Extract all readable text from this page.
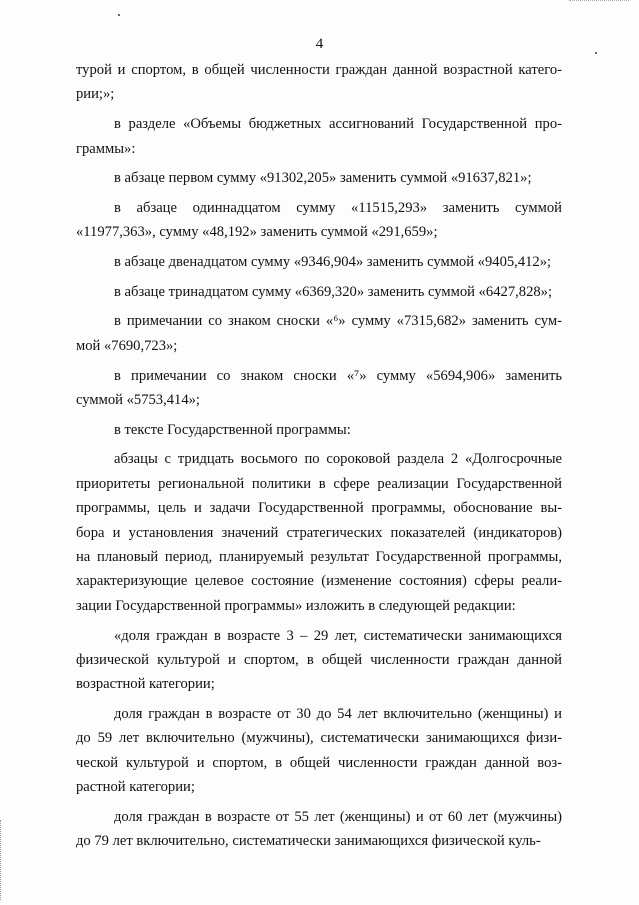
4
турой и спортом, в общей численности граждан данной возрастной катего-
рии;»;
в разделе «Объемы бюджетных ассигнований Государственной про-
граммы»:
в абзаце первом сумму «91302,205» заменить суммой «91637,821»;
в абзаце одиннадцатом сумму «11515,293» заменить суммой
«11977,363», сумму «48,192» заменить суммой «291,659»;
в абзаце двенадцатом сумму «9346,904» заменить суммой «9405,412»;
в абзаце тринадцатом сумму «6369,320» заменить суммой «6427,828»;
в примечании со знаком сноски «⁶» сумму «7315,682» заменить сум-
мой «7690,723»;
в примечании со знаком сноски «⁷» сумму «5694,906» заменить
суммой «5753,414»;
в тексте Государственной программы:
абзацы с тридцать восьмого по сороковой раздела 2 «Долгосрочные
приоритеты региональной политики в сфере реализации Государственной
программы, цель и задачи Государственной программы, обоснование вы-
бора и установления значений стратегических показателей (индикаторов)
на плановый период, планируемый результат Государственной программы,
характеризующие целевое состояние (изменение состояния) сферы реали-
зации Государственной программы» изложить в следующей редакции:
«доля граждан в возрасте 3 – 29 лет, систематически занимающихся
физической культурой и спортом, в общей численности граждан данной
возрастной категории;
доля граждан в возрасте от 30 до 54 лет включительно (женщины) и
до 59 лет включительно (мужчины), систематически занимающихся физи-
ческой культурой и спортом, в общей численности граждан данной воз-
растной категории;
доля граждан в возрасте от 55 лет (женщины) и от 60 лет (мужчины)
до 79 лет включительно, систематически занимающихся физической куль-
